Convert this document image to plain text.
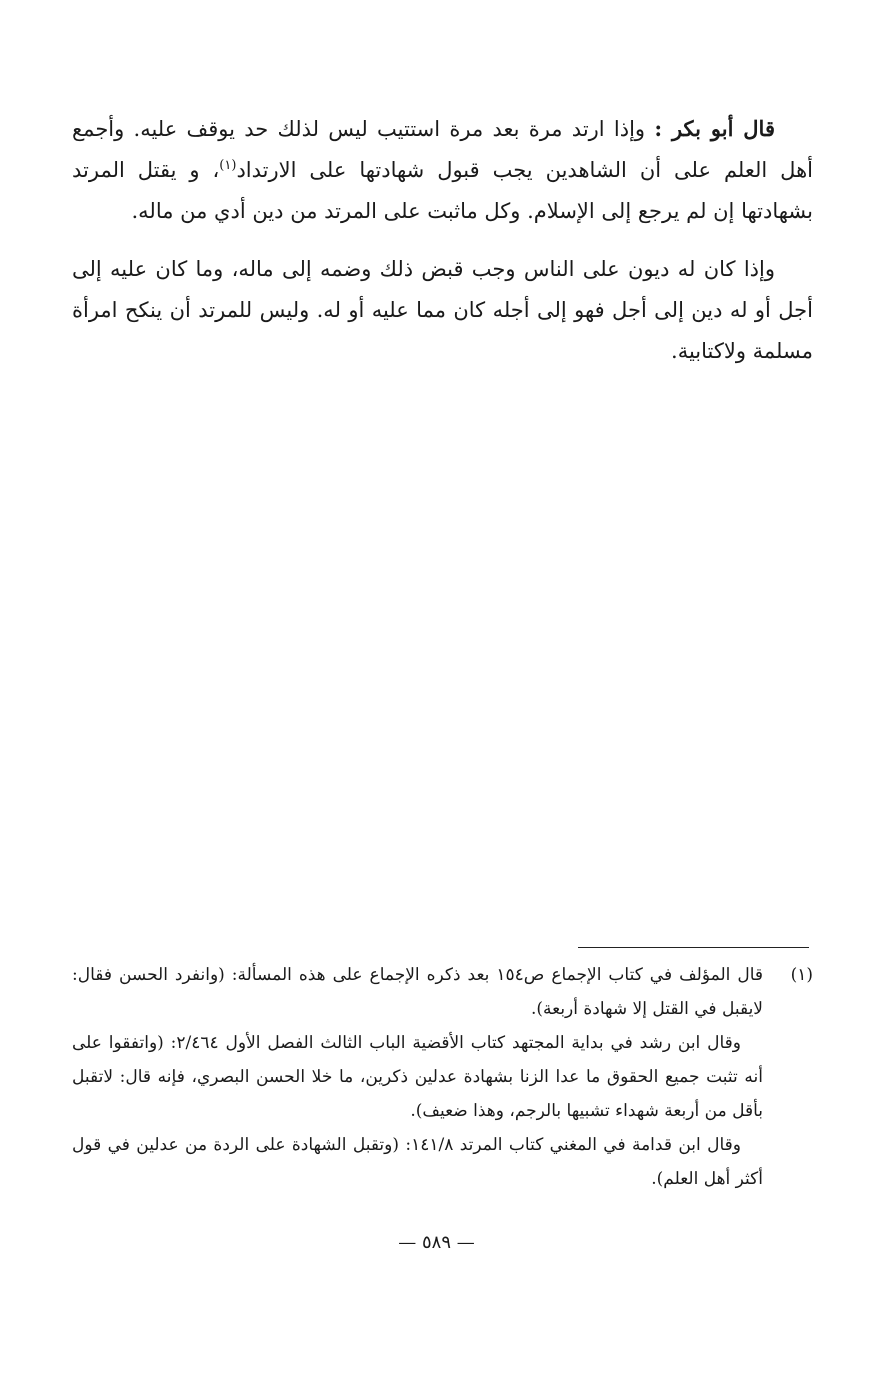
قال أبو بكر : وإذا ارتد مرة بعد مرة استتيب ليس لذلك حد يوقف عليه. وأجمع أهل العلم على أن الشاهدين يجب قبول شهادتها على الارتداد$^{(١)}$، و يقتل المرتد بشهادتها إن لم يرجع إلى الإسلام. وكل ماثبت على المرتد من دين أدي من ماله.

وإذا كان له ديون على الناس وجب قبض ذلك وضمه إلى ماله، وما كان عليه إلى أجل أو له دين إلى أجل فهو إلى أجله كان مما عليه أو له. وليس للمرتد أن ينكح امرأة مسلمة ولاكتابية.

(١)

قال المؤلف في كتاب الإجماع ص١٥٤ بعد ذكره الإجماع على هذه المسألة: (وانفرد الحسن فقال: لايقبل في القتل إلا شهادة أربعة).

وقال ابن رشد في بداية المجتهد كتاب الأقضية الباب الثالث الفصل الأول ٢/٤٦٤: (واتفقوا على أنه تثبت جميع الحقوق ما عدا الزنا بشهادة عدلين ذكرين، ما خلا الحسن البصري، فإنه قال: لاتقبل بأقل من أربعة شهداء تشبيها بالرجم، وهذا ضعيف).

وقال ابن قدامة في المغني كتاب المرتد ١٤١/٨: (وتقبل الشهادة على الردة من عدلين في قول أكثر أهل العلم).

— ٥٨٩ —
